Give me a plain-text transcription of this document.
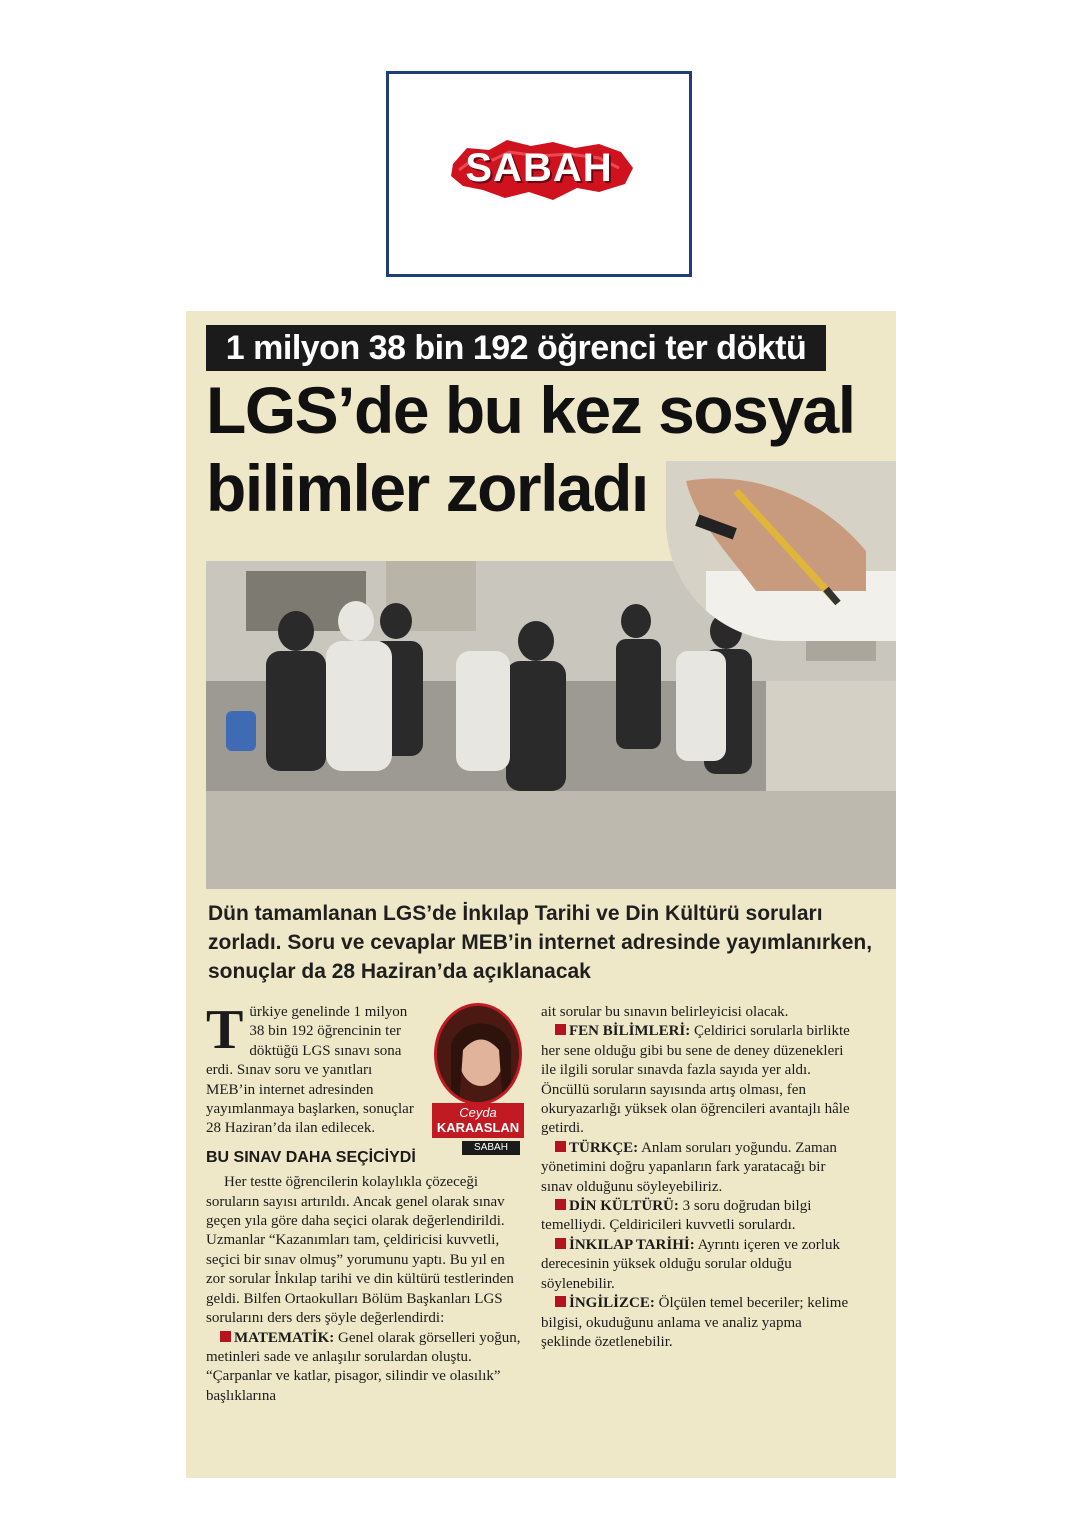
SABAH
1 milyon 38 bin 192 öğrenci ter döktü
LGS’de bu kez sosyal bilimler zorladı
Dün tamamlanan LGS’de İnkılap Tarihi ve Din Kültürü soruları zorladı. Soru ve cevaplar MEB’in internet adresinde yayımlanırken, sonuçlar da 28 Haziran’da açıklanacak
Ceyda
KARAASLAN
SABAH

Türkiye genelinde 1 milyon 38 bin 192 öğrencinin ter döktüğü LGS sınavı sona erdi. Sınav soru ve yanıtları MEB’in internet adresinden yayımlanmaya başlarken, sonuçlar 28 Haziran’da ilan edilecek.

BU SINAV DAHA SEÇİCİYDİ

Her testte öğrencilerin kolaylıkla çözeceği soruların sayısı artırıldı. Ancak genel olarak sınav geçen yıla göre daha seçici olarak değerlendirildi. Uzmanlar “Kazanımları tam, çeldiricisi kuvvetli, seçici bir sınav olmuş” yorumunu yaptı. Bu yıl en zor sorular İnkılap tarihi ve din kültürü testlerinden geldi. Bilfen Ortaokulları Bölüm Başkanları LGS sorularını ders ders şöyle değerlendirdi:

MATEMATİK: Genel olarak görselleri yoğun, metinleri sade ve anlaşılır sorulardan oluştu. “Çarpanlar ve katlar, pisagor, silindir ve olasılık” başlıklarına

ait sorular bu sınavın belirleyicisi olacak.

FEN BİLİMLERİ: Çeldirici sorularla birlikte her sene olduğu gibi bu sene de deney düzenekleri ile ilgili sorular sınavda fazla sayıda yer aldı. Öncüllü soruların sayısında artış olması, fen okuryazarlığı yüksek olan öğrencileri avantajlı hâle getirdi.

TÜRKÇE: Anlam soruları yoğundu. Zaman yönetimini doğru yapanların fark yaratacağı bir sınav olduğunu söyleyebiliriz.

DİN KÜLTÜRÜ: 3 soru doğrudan bilgi temelliydi. Çeldiricileri kuvvetli sorulardı.

İNKILAP TARİHİ: Ayrıntı içeren ve zorluk derecesinin yüksek olduğu sorular olduğu söylenebilir.

İNGİLİZCE: Ölçülen temel beceriler; kelime bilgisi, okuduğunu anlama ve analiz yapma şeklinde özetlenebilir.
